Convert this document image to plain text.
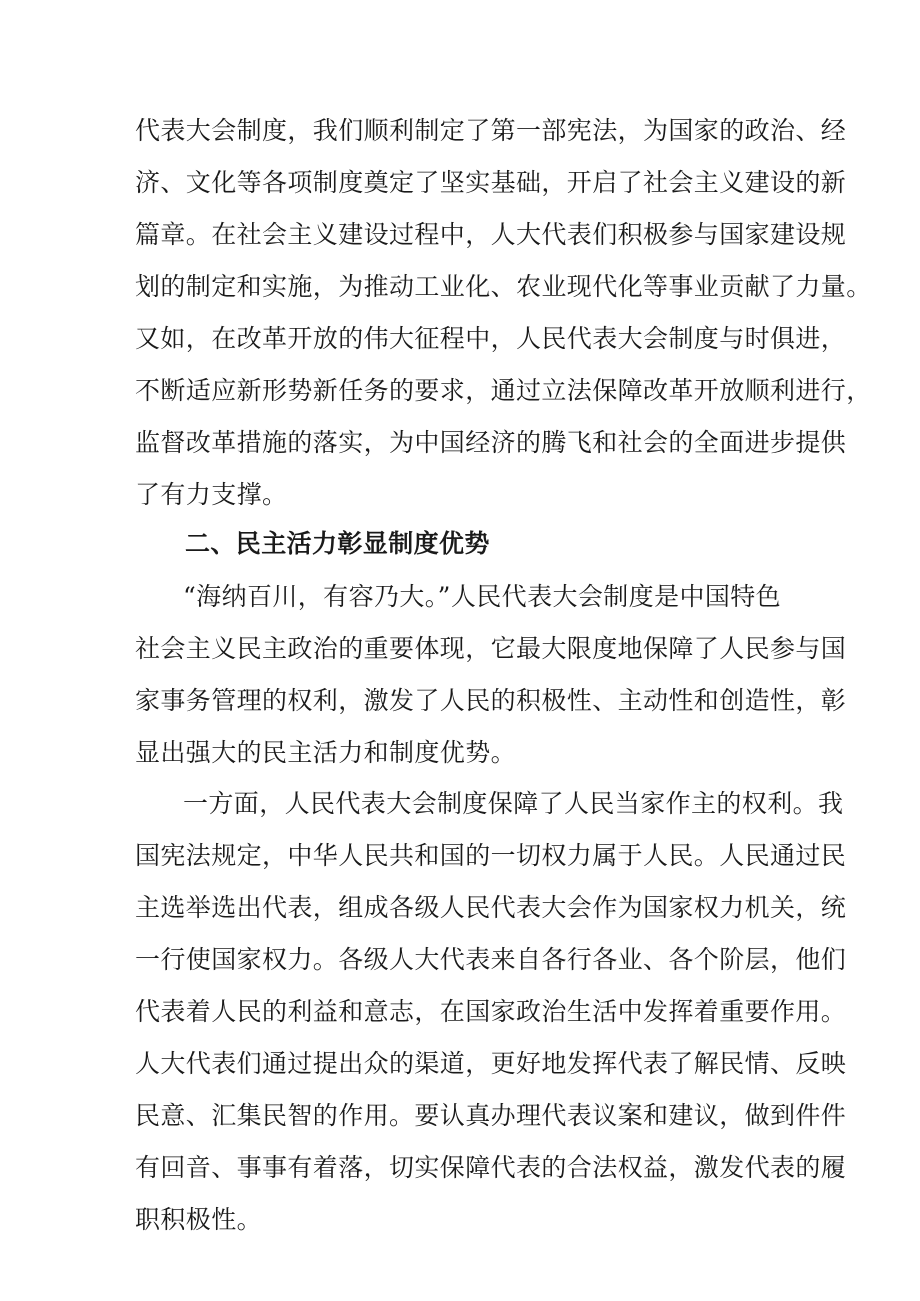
代表大会制度，我们顺利制定了第一部宪法，为国家的政治、经
济、文化等各项制度奠定了坚实基础，开启了社会主义建设的新
篇章。在社会主义建设过程中，人大代表们积极参与国家建设规
划的制定和实施，为推动工业化、农业现代化等事业贡献了力量。
又如，在改革开放的伟大征程中，人民代表大会制度与时俱进，
不断适应新形势新任务的要求，通过立法保障改革开放顺利进行，
监督改革措施的落实，为中国经济的腾飞和社会的全面进步提供
了有力支撑。
二、民主活力彰显制度优势
“海纳百川，有容乃大。”人民代表大会制度是中国特色
社会主义民主政治的重要体现，它最大限度地保障了人民参与国
家事务管理的权利，激发了人民的积极性、主动性和创造性，彰
显出强大的民主活力和制度优势。
一方面，人民代表大会制度保障了人民当家作主的权利。我
国宪法规定，中华人民共和国的一切权力属于人民。人民通过民
主选举选出代表，组成各级人民代表大会作为国家权力机关，统
一行使国家权力。各级人大代表来自各行各业、各个阶层，他们
代表着人民的利益和意志，在国家政治生活中发挥着重要作用。
人大代表们通过提出众的渠道，更好地发挥代表了解民情、反映
民意、汇集民智的作用。要认真办理代表议案和建议，做到件件
有回音、事事有着落，切实保障代表的合法权益，激发代表的履
职积极性。
